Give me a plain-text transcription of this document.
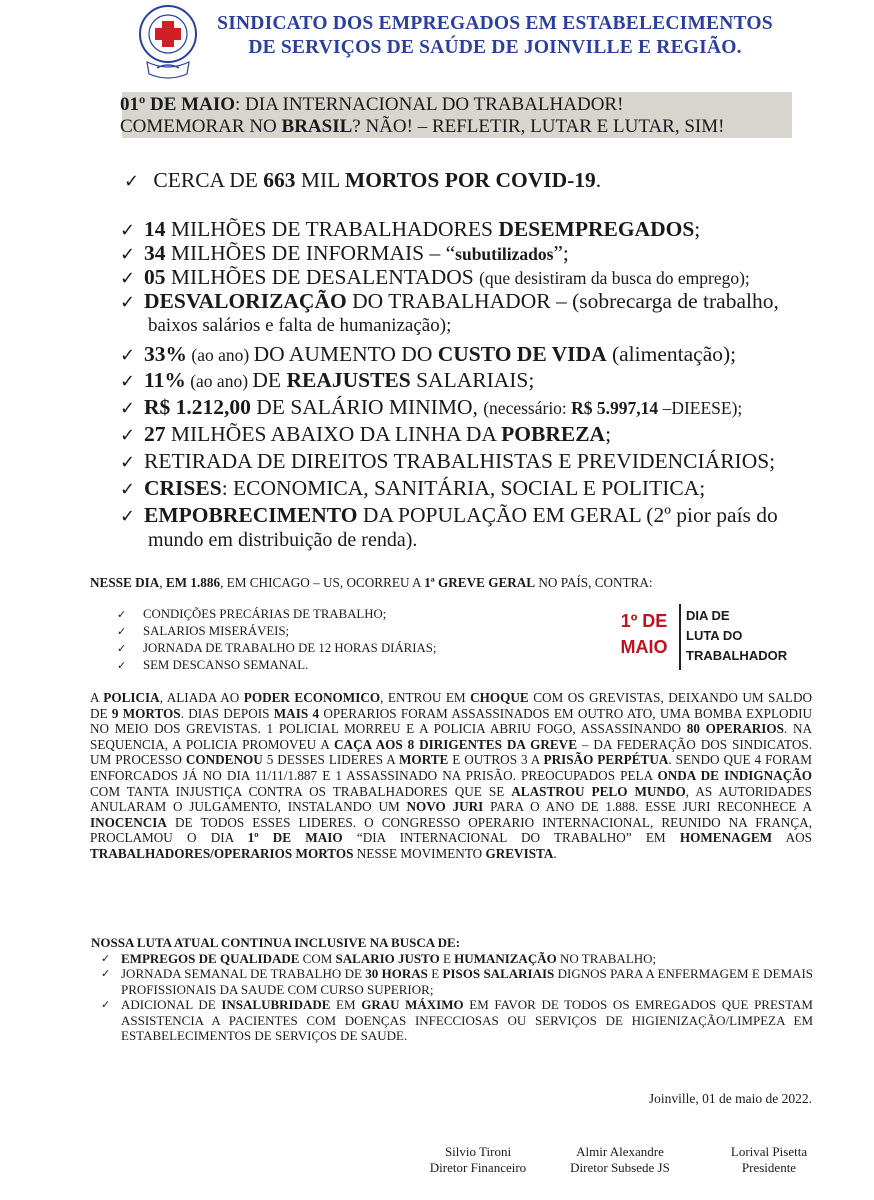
SINDICATO DOS EMPREGADOS EM ESTABELECIMENTOS
DE SERVIÇOS DE SAÚDE DE JOINVILLE E REGIÃO.
01º DE MAIO: DIA INTERNACIONAL DO TRABALHADOR!
COMEMORAR NO BRASIL? NÃO! – REFLETIR, LUTAR E LUTAR, SIM!
✓ CERCA DE 663 MIL MORTOS POR COVID-19.
✓ 14 MILHÕES DE TRABALHADORES DESEMPREGADOS;
✓ 34 MILHÕES DE INFORMAIS – “subutilizados”;
✓ 05 MILHÕES DE DESALENTADOS (que desistiram da busca do emprego);
✓ DESVALORIZAÇÃO DO TRABALHADOR – (sobrecarga de trabalho,
baixos salários e falta de humanização);
✓ 33% (ao ano) DO AUMENTO DO CUSTO DE VIDA (alimentação);
✓ 11% (ao ano) DE REAJUSTES SALARIAIS;
✓ R$ 1.212,00 DE SALÁRIO MINIMO, (necessário: R$ 5.997,14 –DIEESE);
✓ 27 MILHÕES ABAIXO DA LINHA DA POBREZA;
✓ RETIRADA DE DIREITOS TRABALHISTAS E PREVIDENCIÁRIOS;
✓ CRISES: ECONOMICA, SANITÁRIA, SOCIAL E POLITICA;
✓ EMPOBRECIMENTO DA POPULAÇÃO EM GERAL (2º pior país do
mundo em distribuição de renda).
NESSE DIA, EM 1.886, EM CHICAGO – US, OCORREU A 1ª GREVE GERAL NO PAÍS, CONTRA:
✓ CONDIÇÕES PRECÁRIAS DE TRABALHO;
✓ SALARIOS MISERÁVEIS;
✓ JORNADA DE TRABALHO DE 12 HORAS DIÁRIAS;
✓ SEM DESCANSO SEMANAL.
1º DE
MAIO
DIA DE
LUTA DO
TRABALHADOR
A POLICIA, ALIADA AO PODER ECONOMICO, ENTROU EM CHOQUE COM OS GREVISTAS, DEIXANDO UM SALDO DE 9 MORTOS. DIAS DEPOIS MAIS 4 OPERARIOS FORAM ASSASSINADOS EM OUTRO ATO, UMA BOMBA EXPLODIU NO MEIO DOS GREVISTAS. 1 POLICIAL MORREU E A POLICIA ABRIU FOGO, ASSASSINANDO 80 OPERARIOS. NA SEQUENCIA, A POLICIA PROMOVEU A CAÇA AOS 8 DIRIGENTES DA GREVE – DA FEDERAÇÃO DOS SINDICATOS. UM PROCESSO CONDENOU 5 DESSES LIDERES A MORTE E OUTROS 3 A PRISÃO PERPÉTUA. SENDO QUE 4 FORAM ENFORCADOS JÁ NO DIA 11/11/1.887 E 1 ASSASSINADO NA PRISÃO. PREOCUPADOS PELA ONDA DE INDIGNAÇÃO COM TANTA INJUSTIÇA CONTRA OS TRABALHADORES QUE SE ALASTROU PELO MUNDO, AS AUTORIDADES ANULARAM O JULGAMENTO, INSTALANDO UM NOVO JURI PARA O ANO DE 1.888. ESSE JURI RECONHECE A INOCENCIA DE TODOS ESSES LIDERES. O CONGRESSO OPERARIO INTERNACIONAL, REUNIDO NA FRANÇA, PROCLAMOU O DIA 1º DE MAIO “DIA INTERNACIONAL DO TRABALHO” EM HOMENAGEM AOS TRABALHADORES/OPERARIOS MORTOS NESSE MOVIMENTO GREVISTA.
NOSSA LUTA ATUAL CONTINUA INCLUSIVE NA BUSCA DE:
✓ EMPREGOS DE QUALIDADE COM SALARIO JUSTO E HUMANIZAÇÃO NO TRABALHO;
✓ JORNADA SEMANAL DE TRABALHO DE 30 HORAS E PISOS SALARIAIS DIGNOS PARA A ENFERMAGEM E DEMAIS PROFISSIONAIS DA SAUDE COM CURSO SUPERIOR;
✓ ADICIONAL DE INSALUBRIDADE EM GRAU MÁXIMO EM FAVOR DE TODOS OS EMREGADOS QUE PRESTAM ASSISTENCIA A PACIENTES COM DOENÇAS INFECCIOSAS OU SERVIÇOS DE HIGIENIZAÇÃO/LIMPEZA EM ESTABELECIMENTOS DE SERVIÇOS DE SAUDE.
Joinville, 01 de maio de 2022.
Silvio Tironi
Diretor Financeiro
Almir Alexandre
Diretor Subsede JS
Lorival Pisetta
Presidente
